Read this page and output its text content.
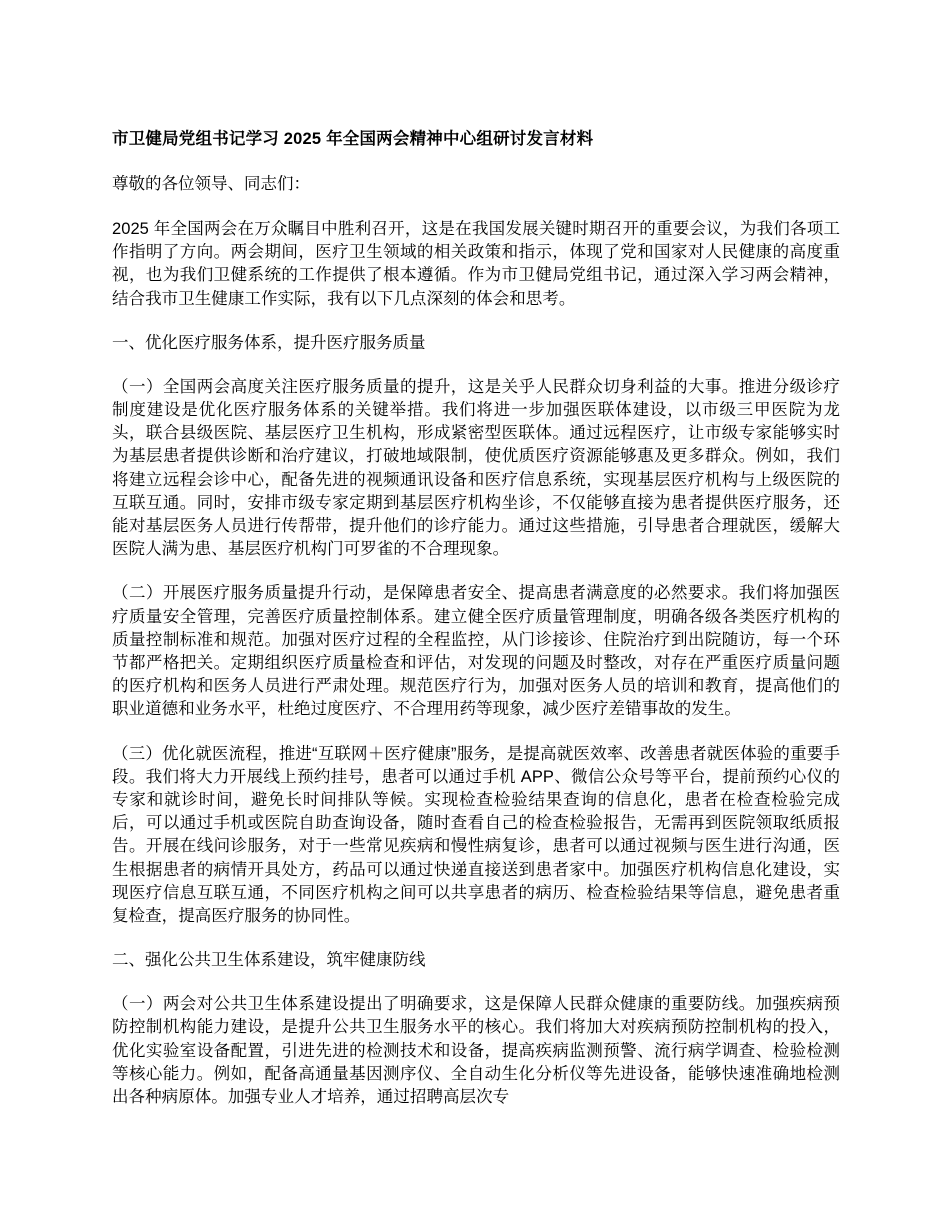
市卫健局党组书记学习 2025 年全国两会精神中心组研讨发言材料

尊敬的各位领导、同志们：

2025 年全国两会在万众瞩目中胜利召开，这是在我国发展关键时期召开的重要会议，为我们各项工作指明了方向。两会期间，医疗卫生领域的相关政策和指示，体现了党和国家对人民健康的高度重视，也为我们卫健系统的工作提供了根本遵循。作为市卫健局党组书记，通过深入学习两会精神，结合我市卫生健康工作实际，我有以下几点深刻的体会和思考。

一、优化医疗服务体系，提升医疗服务质量

（一）全国两会高度关注医疗服务质量的提升，这是关乎人民群众切身利益的大事。推进分级诊疗制度建设是优化医疗服务体系的关键举措。我们将进一步加强医联体建设，以市级三甲医院为龙头，联合县级医院、基层医疗卫生机构，形成紧密型医联体。通过远程医疗，让市级专家能够实时为基层患者提供诊断和治疗建议，打破地域限制，使优质医疗资源能够惠及更多群众。例如，我们将建立远程会诊中心，配备先进的视频通讯设备和医疗信息系统，实现基层医疗机构与上级医院的互联互通。同时，安排市级专家定期到基层医疗机构坐诊，不仅能够直接为患者提供医疗服务，还能对基层医务人员进行传帮带，提升他们的诊疗能力。通过这些措施，引导患者合理就医，缓解大医院人满为患、基层医疗机构门可罗雀的不合理现象。

（二）开展医疗服务质量提升行动，是保障患者安全、提高患者满意度的必然要求。我们将加强医疗质量安全管理，完善医疗质量控制体系。建立健全医疗质量管理制度，明确各级各类医疗机构的质量控制标准和规范。加强对医疗过程的全程监控，从门诊接诊、住院治疗到出院随访，每一个环节都严格把关。定期组织医疗质量检查和评估，对发现的问题及时整改，对存在严重医疗质量问题的医疗机构和医务人员进行严肃处理。规范医疗行为，加强对医务人员的培训和教育，提高他们的职业道德和业务水平，杜绝过度医疗、不合理用药等现象，减少医疗差错事故的发生。

（三）优化就医流程，推进“互联网＋医疗健康”服务，是提高就医效率、改善患者就医体验的重要手段。我们将大力开展线上预约挂号，患者可以通过手机 APP、微信公众号等平台，提前预约心仪的专家和就诊时间，避免长时间排队等候。实现检查检验结果查询的信息化，患者在检查检验完成后，可以通过手机或医院自助查询设备，随时查看自己的检查检验报告，无需再到医院领取纸质报告。开展在线问诊服务，对于一些常见疾病和慢性病复诊，患者可以通过视频与医生进行沟通，医生根据患者的病情开具处方，药品可以通过快递直接送到患者家中。加强医疗机构信息化建设，实现医疗信息互联互通，不同医疗机构之间可以共享患者的病历、检查检验结果等信息，避免患者重复检查，提高医疗服务的协同性。

二、强化公共卫生体系建设，筑牢健康防线

（一）两会对公共卫生体系建设提出了明确要求，这是保障人民群众健康的重要防线。加强疾病预防控制机构能力建设，是提升公共卫生服务水平的核心。我们将加大对疾病预防控制机构的投入，优化实验室设备配置，引进先进的检测技术和设备，提高疾病监测预警、流行病学调查、检验检测等核心能力。例如，配备高通量基因测序仪、全自动生化分析仪等先进设备，能够快速准确地检测出各种病原体。加强专业人才培养，通过招聘高层次专
